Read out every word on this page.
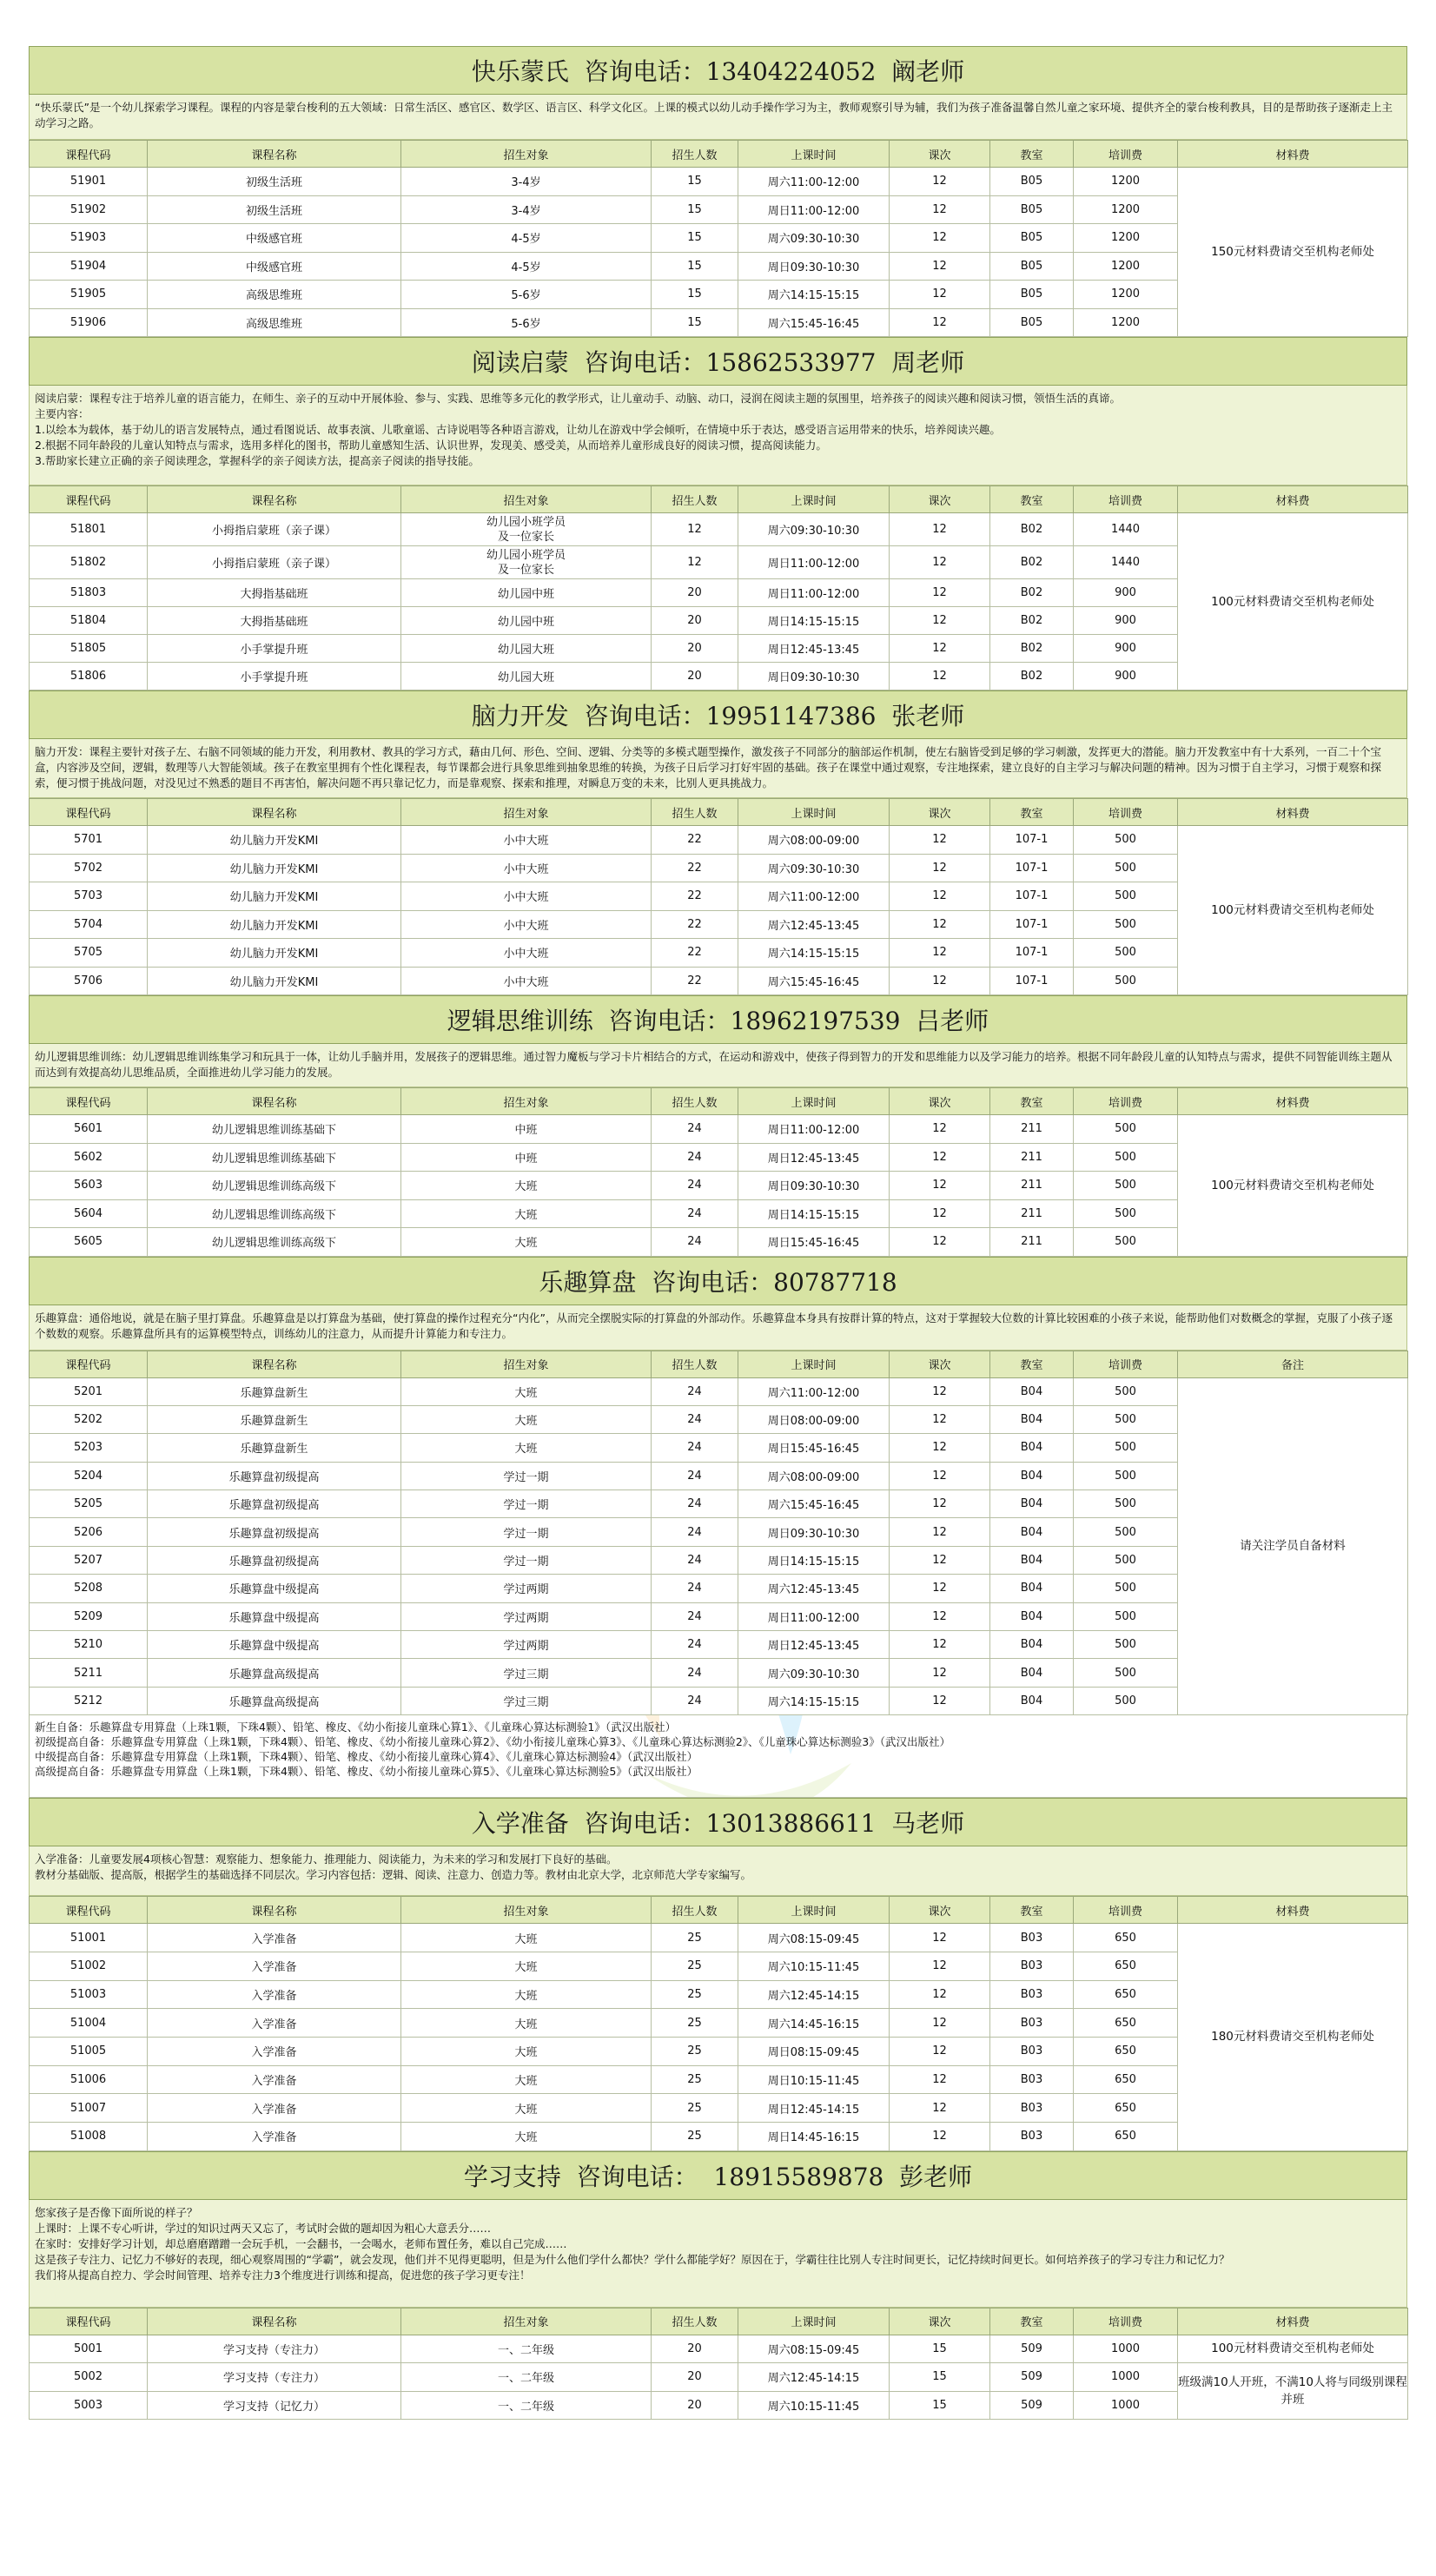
快乐蒙氏  咨询电话：13404224052  阚老师
“快乐蒙氏”是一个幼儿探索学习课程。课程的内容是蒙台梭利的五大领域：日常生活区、感官区、数学区、语言区、科学文化区。上课的模式以幼儿动手操作学习为主，教师观察引导为辅，我们为孩子准备温馨自然儿童之家环境、提供齐全的蒙台梭利教具，目的是帮助孩子逐渐走上主动学习之路。
课程代码	课程名称	招生对象	招生人数	上课时间	课次	教室	培训费	材料费
51901	初级生活班	3-4岁	15	周六11:00-12:00	12	B05	1200	150元材料费请交至机构老师处
51902	初级生活班	3-4岁	15	周日11:00-12:00	12	B05	1200	
51903	中级感官班	4-5岁	15	周六09:30-10:30	12	B05	1200	
51904	中级感官班	4-5岁	15	周日09:30-10:30	12	B05	1200	
51905	高级思维班	5-6岁	15	周六14:15-15:15	12	B05	1200	
51906	高级思维班	5-6岁	15	周六15:45-16:45	12	B05	1200	
阅读启蒙  咨询电话：15862533977  周老师
阅读启蒙：课程专注于培养儿童的语言能力，在师生、亲子的互动中开展体验、参与、实践、思维等多元化的教学形式，让儿童动手、动脑、动口，浸润在阅读主题的氛围里，培养孩子的阅读兴趣和阅读习惯，领悟生活的真谛。
主要内容：
1.以绘本为载体，基于幼儿的语言发展特点，通过看图说话、故事表演、儿歌童谣、古诗说唱等各种语言游戏，让幼儿在游戏中学会倾听，在情境中乐于表达，感受语言运用带来的快乐，培养阅读兴趣。
2.根据不同年龄段的儿童认知特点与需求，选用多样化的图书，帮助儿童感知生活、认识世界，发现美、感受美，从而培养儿童形成良好的阅读习惯，提高阅读能力。
3.帮助家长建立正确的亲子阅读理念，掌握科学的亲子阅读方法，提高亲子阅读的指导技能。
课程代码	课程名称	招生对象	招生人数	上课时间	课次	教室	培训费	材料费
51801	小拇指启蒙班（亲子课）	幼儿园小班学员
及一位家长	12	周六09:30-10:30	12	B02	1440	100元材料费请交至机构老师处
51802	小拇指启蒙班（亲子课）	幼儿园小班学员
及一位家长	12	周日11:00-12:00	12	B02	1440	
51803	大拇指基础班	幼儿园中班	20	周日11:00-12:00	12	B02	900	
51804	大拇指基础班	幼儿园中班	20	周日14:15-15:15	12	B02	900	
51805	小手掌提升班	幼儿园大班	20	周日12:45-13:45	12	B02	900	
51806	小手掌提升班	幼儿园大班	20	周日09:30-10:30	12	B02	900	
脑力开发  咨询电话：19951147386  张老师
脑力开发：课程主要针对孩子左、右脑不同领域的能力开发，利用教材、教具的学习方式，藉由几何、形色、空间、逻辑、分类等的多模式题型操作，激发孩子不同部分的脑部运作机制，使左右脑皆受到足够的学习刺激，发挥更大的潜能。脑力开发教室中有十大系列，一百二十个宝盒，内容涉及空间，逻辑，数理等八大智能领域。孩子在教室里拥有个性化课程表，每节课都会进行具象思维到抽象思维的转换，为孩子日后学习打好牢固的基础。孩子在课堂中通过观察，专注地探索，建立良好的自主学习与解决问题的精神。因为习惯于自主学习，习惯于观察和探索，便习惯于挑战问题，对没见过不熟悉的题目不再害怕，解决问题不再只靠记忆力，而是靠观察、探索和推理，对瞬息万变的未来，比别人更具挑战力。
课程代码	课程名称	招生对象	招生人数	上课时间	课次	教室	培训费	材料费
5701	幼儿脑力开发KMI	小中大班	22	周六08:00-09:00	12	107-1	500	100元材料费请交至机构老师处
5702	幼儿脑力开发KMI	小中大班	22	周六09:30-10:30	12	107-1	500	
5703	幼儿脑力开发KMI	小中大班	22	周六11:00-12:00	12	107-1	500	
5704	幼儿脑力开发KMI	小中大班	22	周六12:45-13:45	12	107-1	500	
5705	幼儿脑力开发KMI	小中大班	22	周六14:15-15:15	12	107-1	500	
5706	幼儿脑力开发KMI	小中大班	22	周六15:45-16:45	12	107-1	500	
逻辑思维训练  咨询电话：18962197539  吕老师
幼儿逻辑思维训练：幼儿逻辑思维训练集学习和玩具于一体，让幼儿手脑并用，发展孩子的逻辑思维。通过智力魔板与学习卡片相结合的方式，在运动和游戏中，使孩子得到智力的开发和思维能力以及学习能力的培养。根据不同年龄段儿童的认知特点与需求，提供不同智能训练主题从而达到有效提高幼儿思维品质，全面推进幼儿学习能力的发展。
课程代码	课程名称	招生对象	招生人数	上课时间	课次	教室	培训费	材料费
5601	幼儿逻辑思维训练基础下	中班	24	周日11:00-12:00	12	211	500	100元材料费请交至机构老师处
5602	幼儿逻辑思维训练基础下	中班	24	周日12:45-13:45	12	211	500	
5603	幼儿逻辑思维训练高级下	大班	24	周日09:30-10:30	12	211	500	
5604	幼儿逻辑思维训练高级下	大班	24	周日14:15-15:15	12	211	500	
5605	幼儿逻辑思维训练高级下	大班	24	周日15:45-16:45	12	211	500	
乐趣算盘  咨询电话：80787718
乐趣算盘：通俗地说，就是在脑子里打算盘。乐趣算盘是以打算盘为基础，使打算盘的操作过程充分“内化”，从而完全摆脱实际的打算盘的外部动作。乐趣算盘本身具有按群计算的特点，这对于掌握较大位数的计算比较困难的小孩子来说，能帮助他们对数概念的掌握，克服了小孩子逐个数数的观察。乐趣算盘所具有的运算模型特点，训练幼儿的注意力，从而提升计算能力和专注力。
课程代码	课程名称	招生对象	招生人数	上课时间	课次	教室	培训费	备注
5201	乐趣算盘新生	大班	24	周六11:00-12:00	12	B04	500	请关注学员自备材料
5202	乐趣算盘新生	大班	24	周日08:00-09:00	12	B04	500	
5203	乐趣算盘新生	大班	24	周日15:45-16:45	12	B04	500	
5204	乐趣算盘初级提高	学过一期	24	周六08:00-09:00	12	B04	500	
5205	乐趣算盘初级提高	学过一期	24	周六15:45-16:45	12	B04	500	
5206	乐趣算盘初级提高	学过一期	24	周日09:30-10:30	12	B04	500	
5207	乐趣算盘初级提高	学过一期	24	周日14:15-15:15	12	B04	500	
5208	乐趣算盘中级提高	学过两期	24	周六12:45-13:45	12	B04	500	
5209	乐趣算盘中级提高	学过两期	24	周日11:00-12:00	12	B04	500	
5210	乐趣算盘中级提高	学过两期	24	周日12:45-13:45	12	B04	500	
5211	乐趣算盘高级提高	学过三期	24	周六09:30-10:30	12	B04	500	
5212	乐趣算盘高级提高	学过三期	24	周六14:15-15:15	12	B04	500	
新生自备：乐趣算盘专用算盘（上珠1颗，下珠4颗）、铅笔、橡皮、《幼小衔接儿童珠心算1》、《儿童珠心算达标测验1》（武汉出版社）
初级提高自备：乐趣算盘专用算盘（上珠1颗，下珠4颗）、铅笔、橡皮、《幼小衔接儿童珠心算2》、《幼小衔接儿童珠心算3》、《儿童珠心算达标测验2》、《儿童珠心算达标测验3》（武汉出版社）
中级提高自备：乐趣算盘专用算盘（上珠1颗，下珠4颗）、铅笔、橡皮、《幼小衔接儿童珠心算4》、《儿童珠心算达标测验4》（武汉出版社）
高级提高自备：乐趣算盘专用算盘（上珠1颗，下珠4颗）、铅笔、橡皮、《幼小衔接儿童珠心算5》、《儿童珠心算达标测验5》（武汉出版社）
入学准备  咨询电话：13013886611  马老师
入学准备：儿童要发展4项核心智慧：观察能力、想象能力、推理能力、阅读能力，为未来的学习和发展打下良好的基础。
教材分基础版、提高版，根据学生的基础选择不同层次。学习内容包括：逻辑、阅读、注意力、创造力等。教材由北京大学，北京师范大学专家编写。
课程代码	课程名称	招生对象	招生人数	上课时间	课次	教室	培训费	材料费
51001	入学准备	大班	25	周六08:15-09:45	12	B03	650	180元材料费请交至机构老师处
51002	入学准备	大班	25	周六10:15-11:45	12	B03	650	
51003	入学准备	大班	25	周六12:45-14:15	12	B03	650	
51004	入学准备	大班	25	周六14:45-16:15	12	B03	650	
51005	入学准备	大班	25	周日08:15-09:45	12	B03	650	
51006	入学准备	大班	25	周日10:15-11:45	12	B03	650	
51007	入学准备	大班	25	周日12:45-14:15	12	B03	650	
51008	入学准备	大班	25	周日14:45-16:15	12	B03	650	
学习支持  咨询电话：  18915589878  彭老师
您家孩子是否像下面所说的样子？
上课时：上课不专心听讲，学过的知识过两天又忘了，考试时会做的题却因为粗心大意丢分……
在家时：安排好学习计划，却总磨磨蹭蹭一会玩手机，一会翻书，一会喝水，老师布置任务，难以自己完成……
这是孩子专注力、记忆力不够好的表现，细心观察周围的“学霸”，就会发现，他们并不见得更聪明，但是为什么他们学什么都快？学什么都能学好？原因在于，学霸往往比别人专注时间更长，记忆持续时间更长。如何培养孩子的学习专注力和记忆力？
我们将从提高自控力、学会时间管理、培养专注力3个维度进行训练和提高，促进您的孩子学习更专注！
课程代码	课程名称	招生对象	招生人数	上课时间	课次	教室	培训费	材料费
5001	学习支持（专注力）	一、二年级	20	周六08:15-09:45	15	509	1000	100元材料费请交至机构老师处
5002	学习支持（专注力）	一、二年级	20	周六12:45-14:15	15	509	1000	班级满10人开班，不满10人将与同级别课程并班
5003	学习支持（记忆力）	一、二年级	20	周六10:15-11:45	15	509	1000	
